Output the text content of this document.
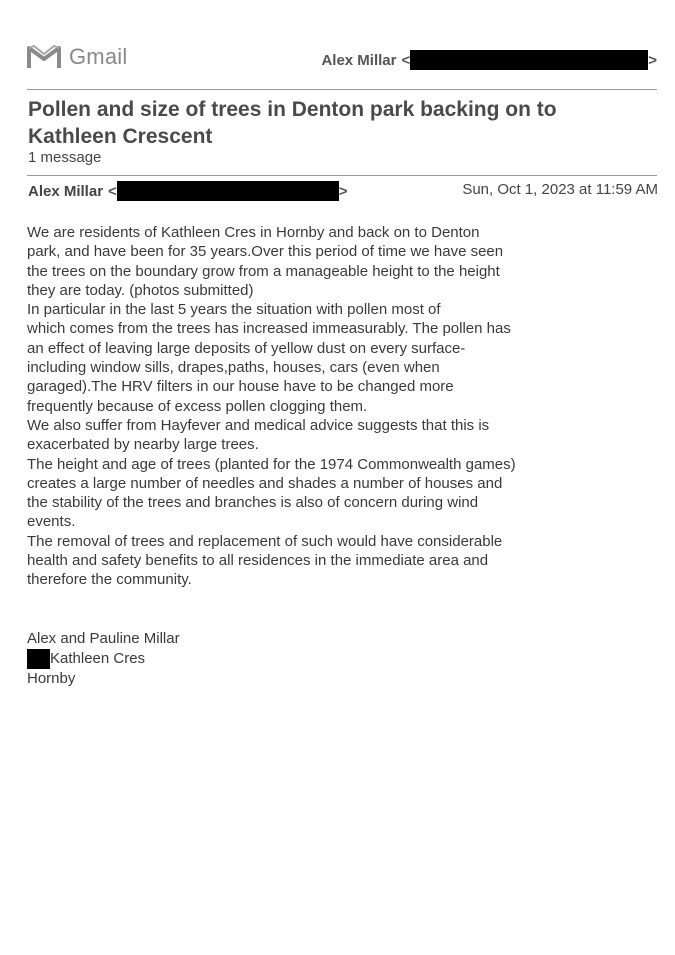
Gmail	Alex Millar <	>
Pollen and size of trees in Denton park backing on to Kathleen Crescent
1 message
Alex Millar <	>	Sun, Oct 1, 2023 at 11:59 AM

We are residents of Kathleen Cres in Hornby and back on to Denton

park, and have been for 35 years.Over this period of time we have seen

the trees on the boundary grow from a manageable height to the height

they are today. (photos submitted)

In particular in the last 5 years the situation with pollen most of

which comes from the trees has increased immeasurably. The pollen has

an effect of leaving large deposits of yellow dust on every surface-

including window sills, drapes,paths, houses, cars (even when

garaged).The HRV filters in our house have to be changed more

frequently because of excess pollen clogging them.

We also suffer from Hayfever and medical advice suggests that this is

exacerbated by nearby large trees.

The height and age of trees (planted for the 1974 Commonwealth games)

creates a large number of needles and shades a number of houses and

the stability of the trees and branches is also of concern during wind

events.

The removal of trees and replacement of such would have considerable

health and safety benefits to all residences in the immediate area and

therefore the community.

Alex and Pauline Millar
Kathleen Cres
Hornby
